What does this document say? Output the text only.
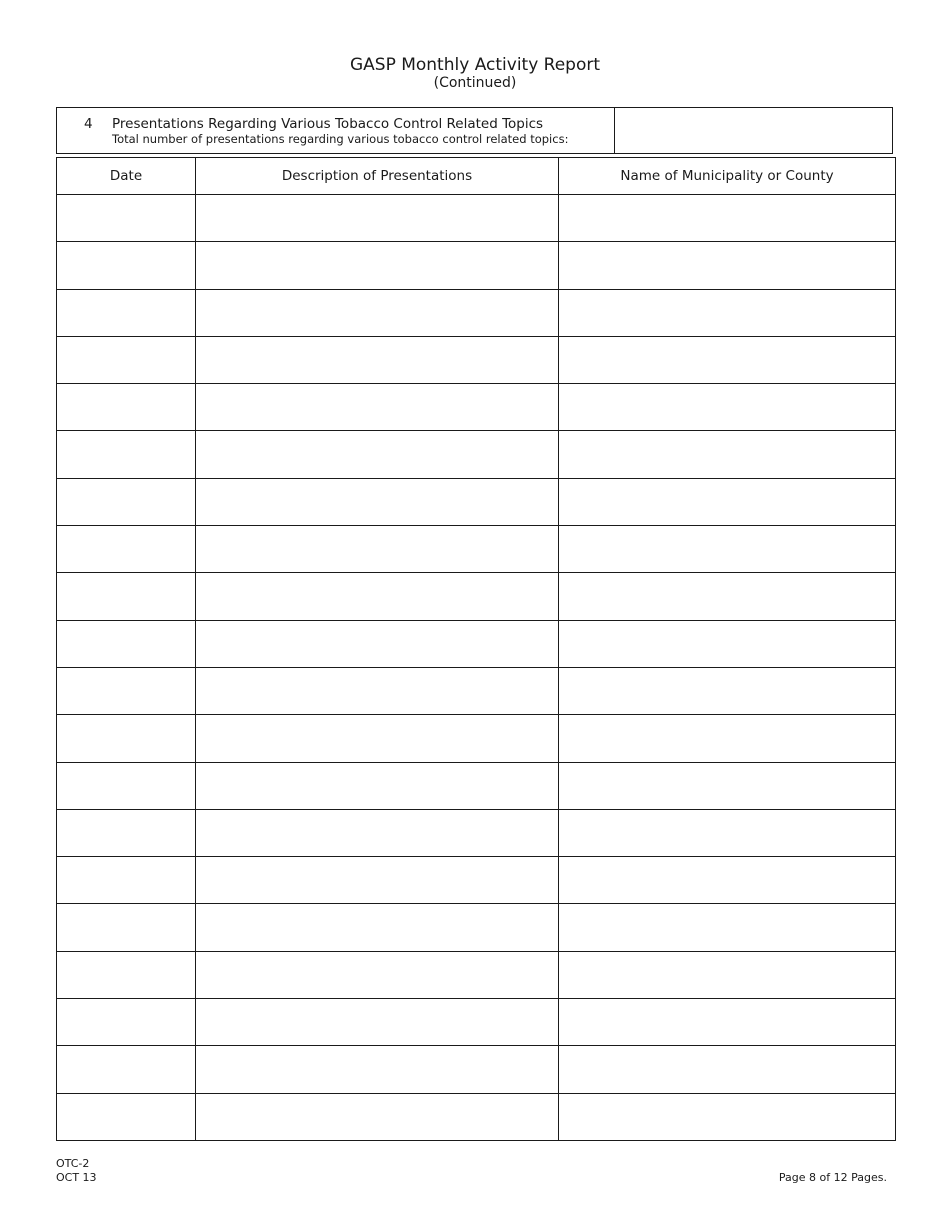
GASP Monthly Activity Report
(Continued)
4 Presentations Regarding Various Tobacco Control Related Topics
Total number of presentations regarding various tobacco control related topics:
Date	Description of Presentations	Name of Municipality or County

OTC-2
OCT 13	Page 8 of 12 Pages.
